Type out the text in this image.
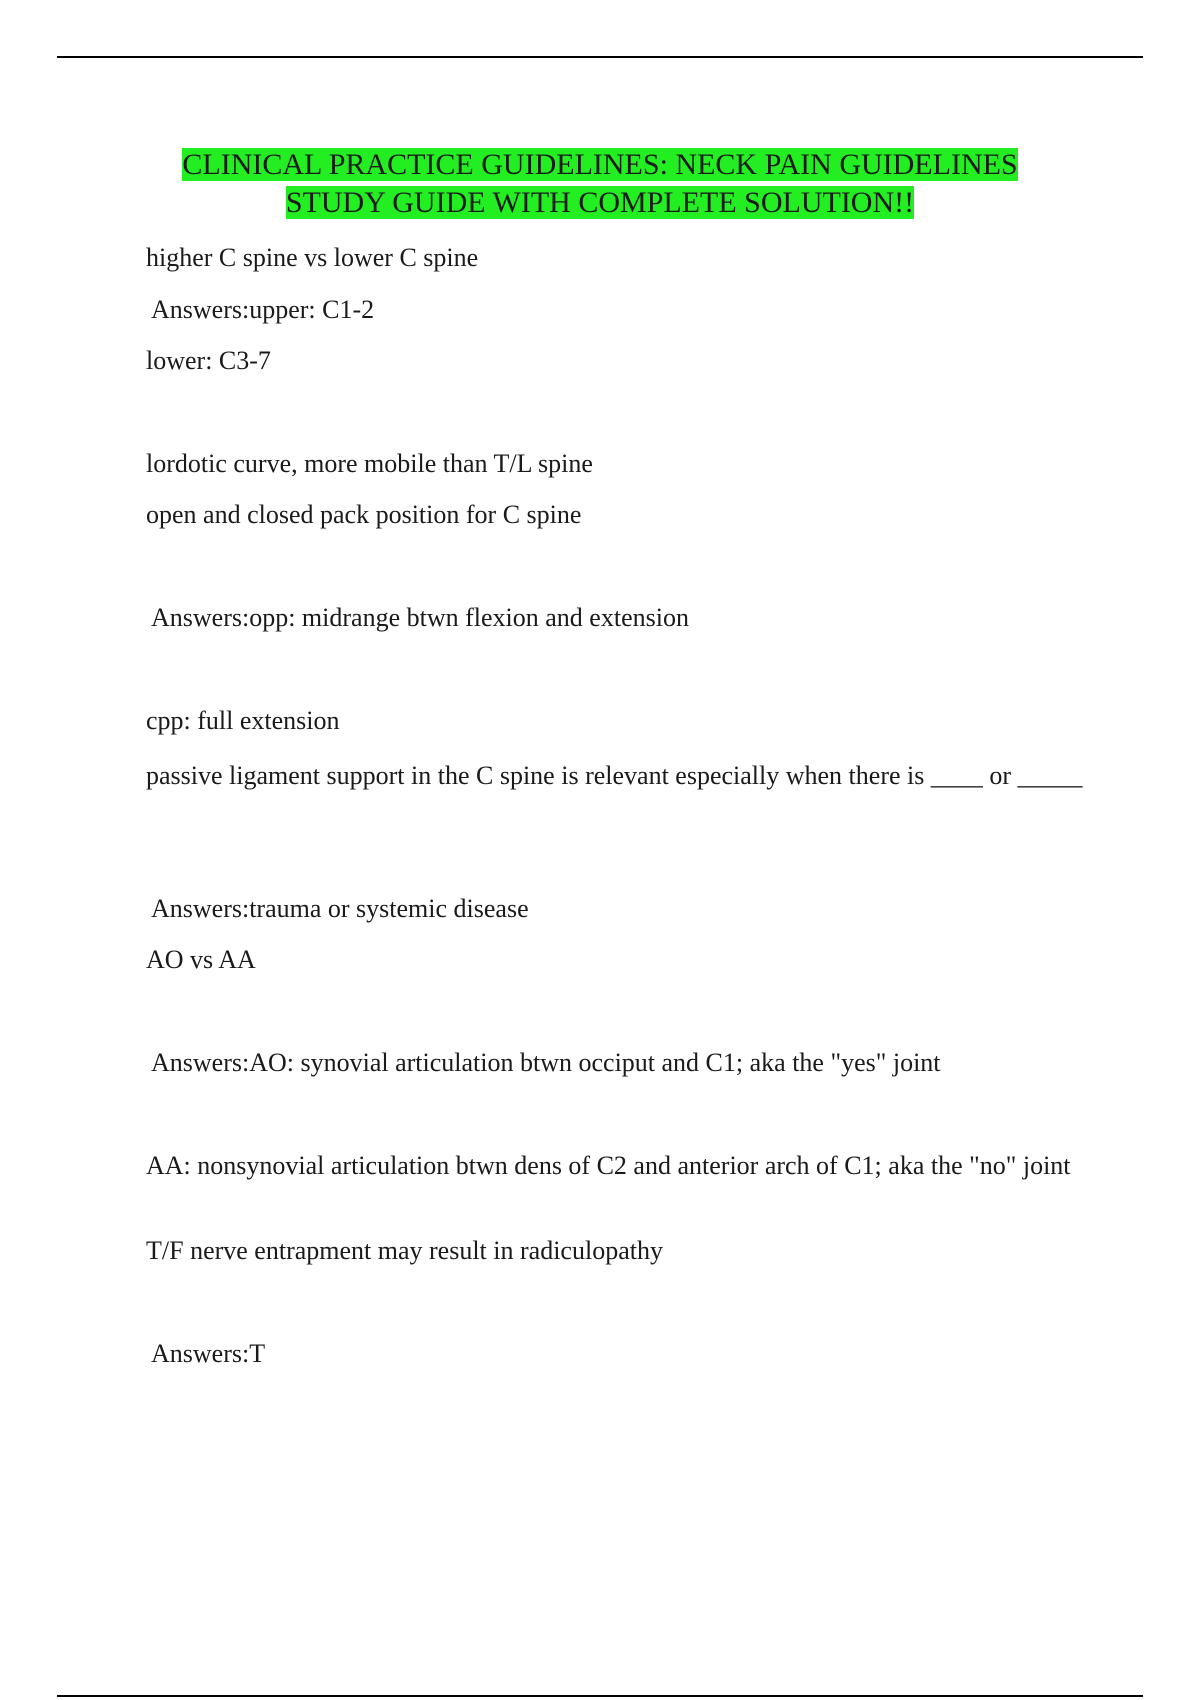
CLINICAL PRACTICE GUIDELINES: NECK PAIN GUIDELINES
STUDY GUIDE WITH COMPLETE SOLUTION!!
higher C spine vs lower C spine
Answers:upper: C1-2
lower: C3-7
lordotic curve, more mobile than T/L spine
open and closed pack position for C spine
Answers:opp: midrange btwn flexion and extension
cpp: full extension
passive ligament support in the C spine is relevant especially when there is ____ or _____
Answers:trauma or systemic disease
AO vs AA
Answers:AO: synovial articulation btwn occiput and C1; aka the "yes" joint
AA: nonsynovial articulation btwn dens of C2 and anterior arch of C1; aka the "no" joint
T/F nerve entrapment may result in radiculopathy
Answers:T
